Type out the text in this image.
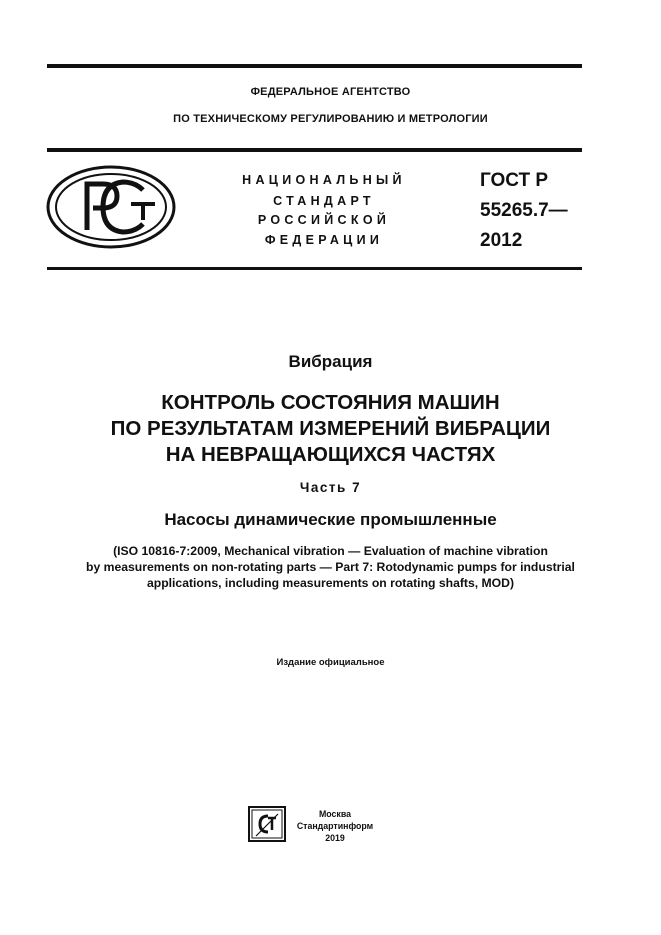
ФЕДЕРАЛЬНОЕ АГЕНТСТВО
ПО ТЕХНИЧЕСКОМУ РЕГУЛИРОВАНИЮ И МЕТРОЛОГИИ
НАЦИОНАЛЬНЫЙ
СТАНДАРТ
РОССИЙСКОЙ
ФЕДЕРАЦИИ
ГОСТ Р
55265.7—
2012
Вибрация
КОНТРОЛЬ СОСТОЯНИЯ МАШИН
ПО РЕЗУЛЬТАТАМ ИЗМЕРЕНИЙ ВИБРАЦИИ
НА НЕВРАЩАЮЩИХСЯ ЧАСТЯХ
Часть 7
Насосы динамические промышленные
(ISO 10816-7:2009, Mechanical vibration — Evaluation of machine vibration
by measurements on non-rotating parts — Part 7: Rotodynamic pumps for industrial
applications, including measurements on rotating shafts, MOD)
Издание официальное
Москва
Стандартинформ
2019
